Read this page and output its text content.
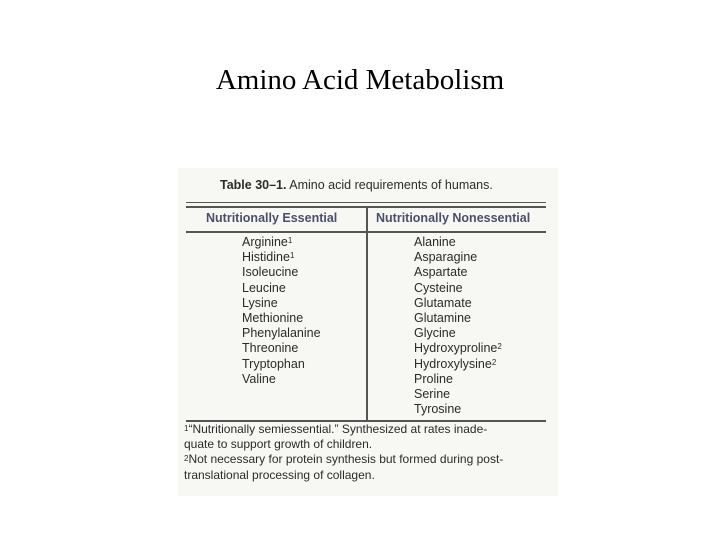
Amino Acid Metabolism
Table 30–1. Amino acid requirements of humans.
Nutritionally Essential	Nutritionally Nonessential
Arginine$^1$
Histidine$^1$
Isoleucine
Leucine
Lysine
Methionine
Phenylalanine
Threonine
Tryptophan
Valine
Alanine
Asparagine
Aspartate
Cysteine
Glutamate
Glutamine
Glycine
Hydroxyproline$^2$
Hydroxylysine$^2$
Proline
Serine
Tyrosine

$^1$“Nutritionally semiessential.” Synthesized at rates inade-

quate to support growth of children.

$^2$Not necessary for protein synthesis but formed during post-

translational processing of collagen.
